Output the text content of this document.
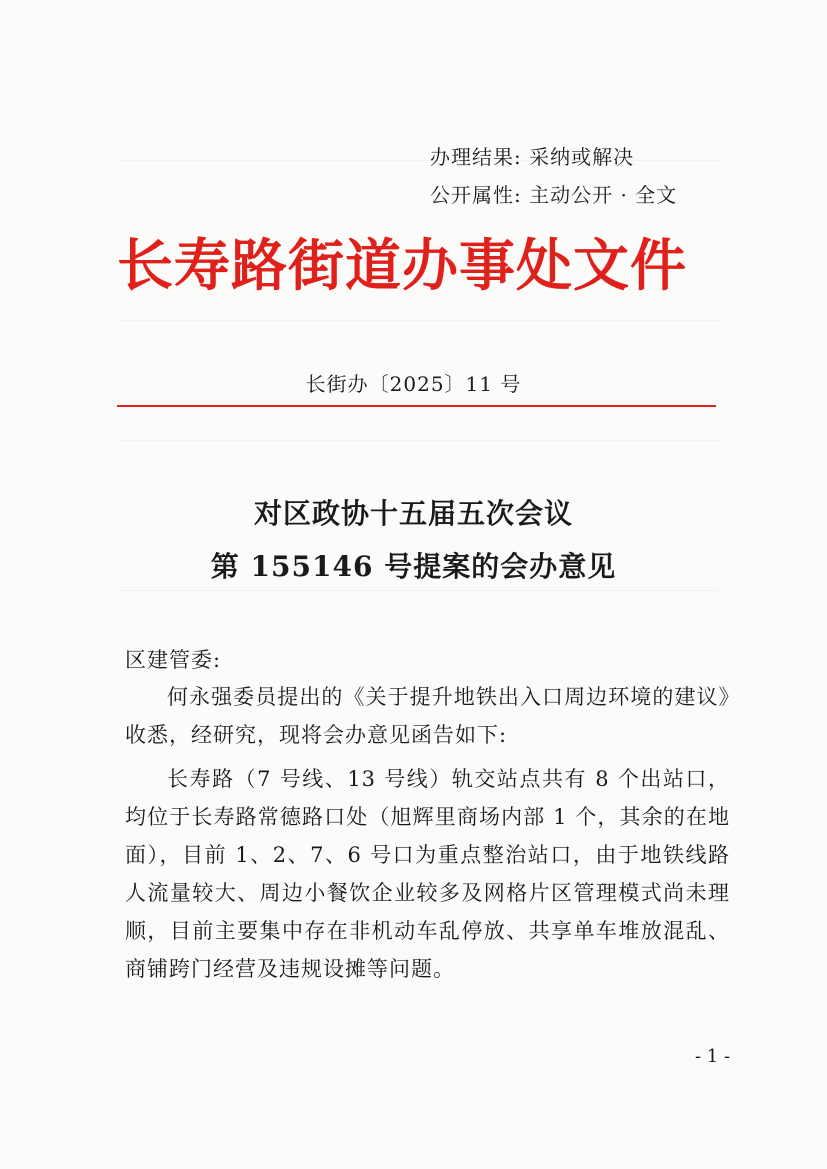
办理结果: 采纳或解决
公开属性: 主动公开 · 全文
长寿路街道办事处文件
长街办〔2025〕11 号
对区政协十五届五次会议
第 155146 号提案的会办意见
区建管委:
何永强委员提出的《关于提升地铁出入口周边环境的建议》收悉，经研究，现将会办意见函告如下:
长寿路（7 号线、13 号线）轨交站点共有 8 个出站口，均位于长寿路常德路口处（旭辉里商场内部 1 个，其余的在地面），目前 1、2、7、6 号口为重点整治站口，由于地铁线路人流量较大、周边小餐饮企业较多及网格片区管理模式尚未理顺，目前主要集中存在非机动车乱停放、共享单车堆放混乱、商铺跨门经营及违规设摊等问题。
- 1 -
